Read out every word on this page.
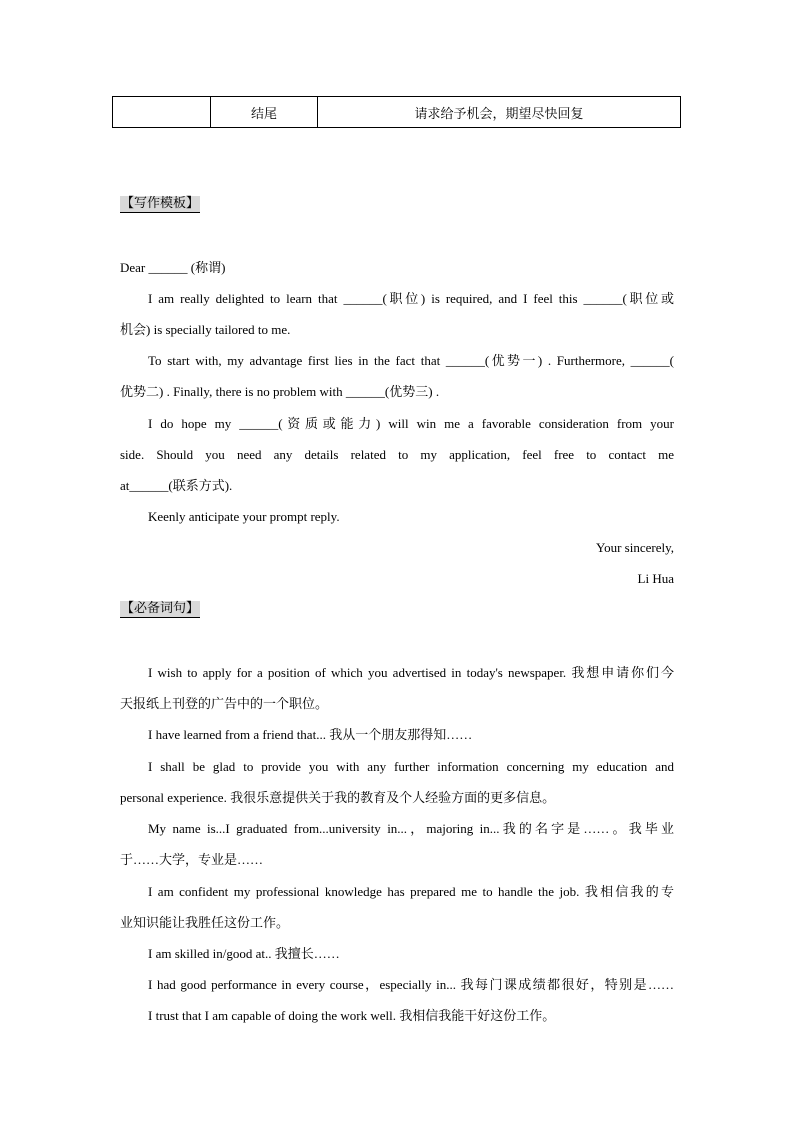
	结尾	请求给予机会，期望尽快回复
【写作模板】
Dear ______ (称谓)
I am really delighted to learn that ______(职位) is required, and I feel this ______(职位或
机会) is specially tailored to me.
To start with, my advantage first lies in the fact that ______(优势一) . Furthermore, ______(
优势二) . Finally, there is no problem with ______(优势三) .
I do hope my ______(资质或能力) will win me a favorable consideration from your
side. Should you need any details related to my application, feel free to contact me
at______(联系方式).
Keenly anticipate your prompt reply.
Your sincerely,
Li Hua
【必备词句】
I wish to apply for a position of which you advertised in today's newspaper. 我想申请你们今
天报纸上刊登的广告中的一个职位。
I have learned from a friend that... 我从一个朋友那得知……
I shall be glad to provide you with any further information concerning my education and
personal experience. 我很乐意提供关于我的教育及个人经验方面的更多信息。
My name is...I graduated from...university in...，majoring in...我的名字是……。我毕业
于……大学，专业是……
I am confident my professional knowledge has prepared me to handle the job. 我相信我的专
业知识能让我胜任这份工作。
I am skilled in/good at.. 我擅长……
I had good performance in every course，especially in... 我每门课成绩都很好，特别是……
I trust that I am capable of doing the work well. 我相信我能干好这份工作。
